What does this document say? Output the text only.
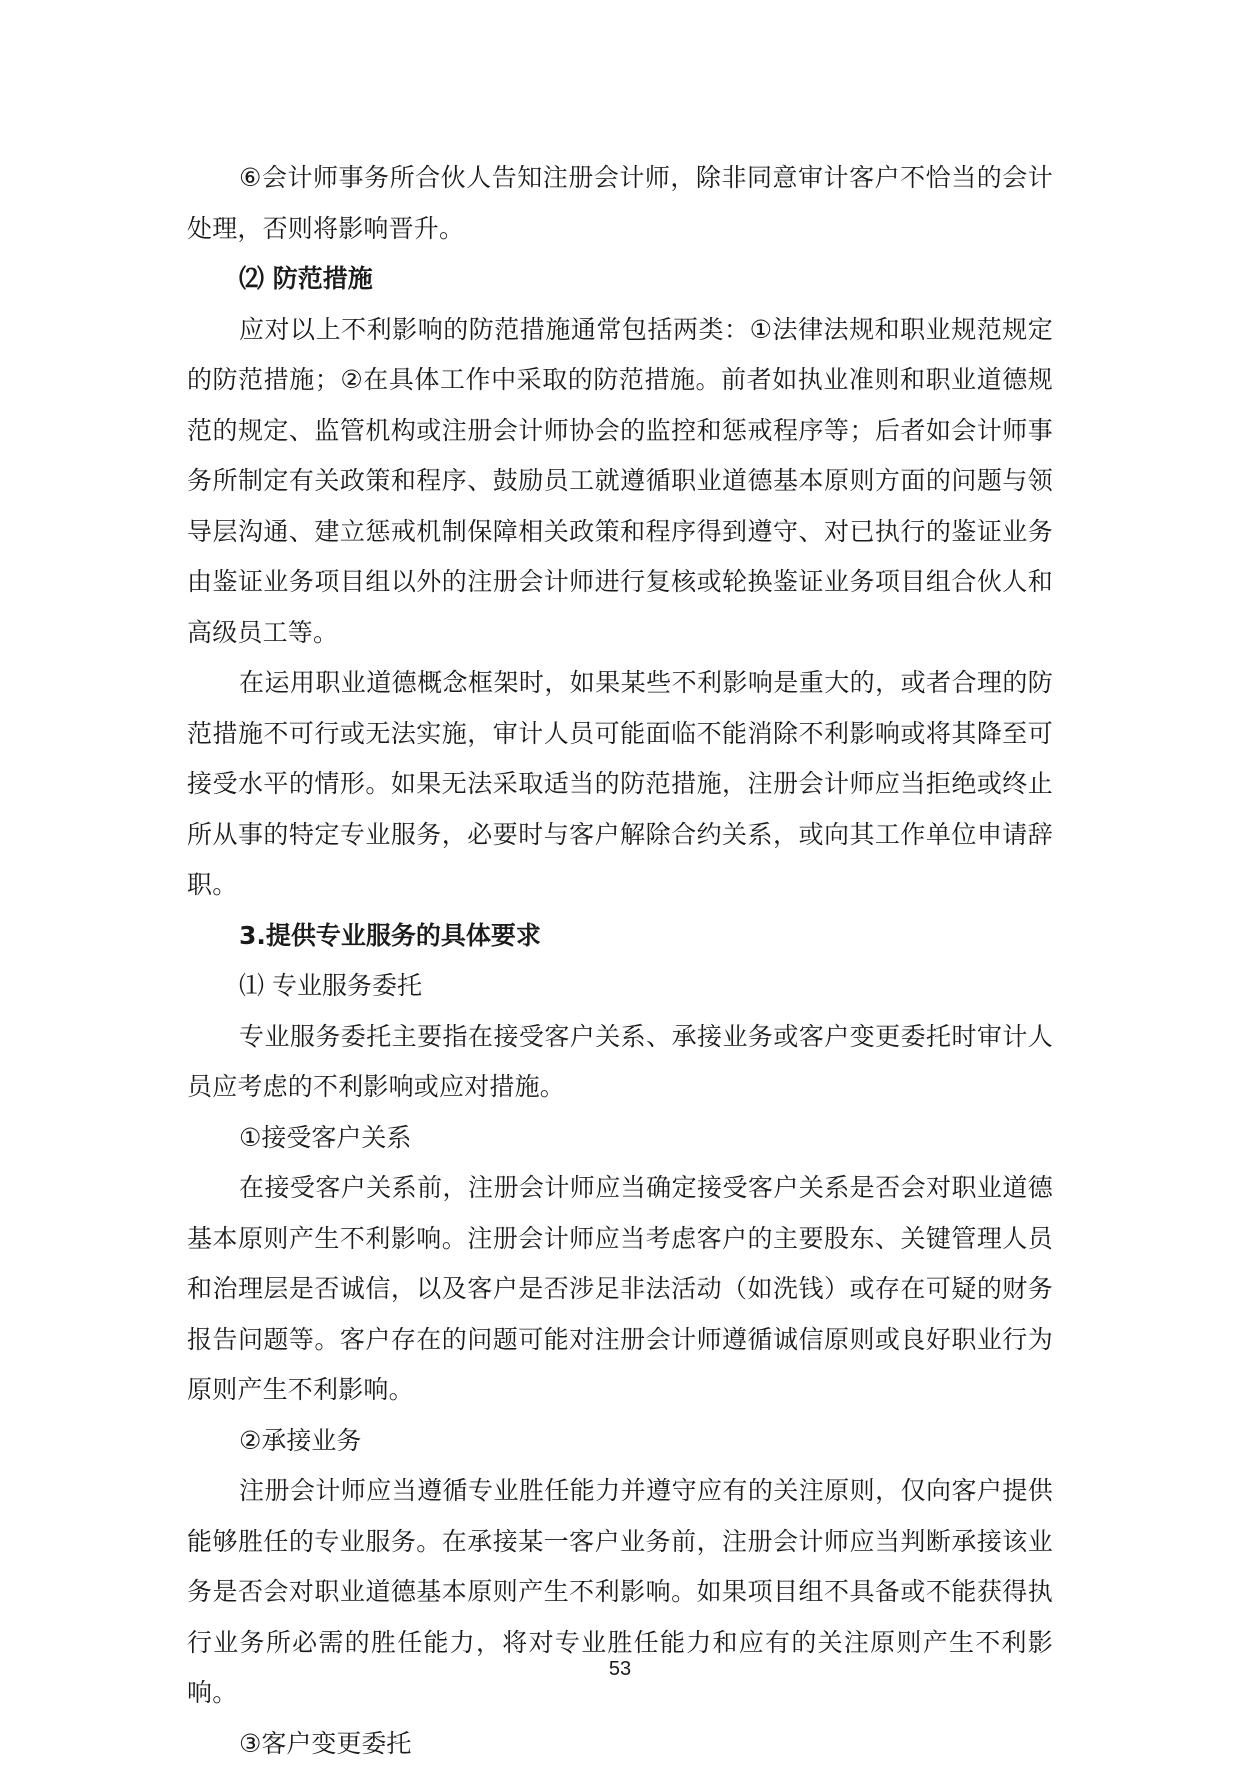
⑥会计师事务所合伙人告知注册会计师，除非同意审计客户不恰当的会计处理，否则将影响晋升。

⑵ 防范措施

应对以上不利影响的防范措施通常包括两类：①法律法规和职业规范规定的防范措施；②在具体工作中采取的防范措施。前者如执业准则和职业道德规范的规定、监管机构或注册会计师协会的监控和惩戒程序等；后者如会计师事务所制定有关政策和程序、鼓励员工就遵循职业道德基本原则方面的问题与领导层沟通、建立惩戒机制保障相关政策和程序得到遵守、对已执行的鉴证业务由鉴证业务项目组以外的注册会计师进行复核或轮换鉴证业务项目组合伙人和高级员工等。

在运用职业道德概念框架时，如果某些不利影响是重大的，或者合理的防范措施不可行或无法实施，审计人员可能面临不能消除不利影响或将其降至可接受水平的情形。如果无法采取适当的防范措施，注册会计师应当拒绝或终止所从事的特定专业服务，必要时与客户解除合约关系，或向其工作单位申请辞职。

3.提供专业服务的具体要求

⑴ 专业服务委托

专业服务委托主要指在接受客户关系、承接业务或客户变更委托时审计人员应考虑的不利影响或应对措施。

①接受客户关系

在接受客户关系前，注册会计师应当确定接受客户关系是否会对职业道德基本原则产生不利影响。注册会计师应当考虑客户的主要股东、关键管理人员和治理层是否诚信，以及客户是否涉足非法活动（如洗钱）或存在可疑的财务报告问题等。客户存在的问题可能对注册会计师遵循诚信原则或良好职业行为原则产生不利影响。

②承接业务

注册会计师应当遵循专业胜任能力并遵守应有的关注原则，仅向客户提供能够胜任的专业服务。在承接某一客户业务前，注册会计师应当判断承接该业务是否会对职业道德基本原则产生不利影响。如果项目组不具备或不能获得执行业务所必需的胜任能力，将对专业胜任能力和应有的关注原则产生不利影响。

③客户变更委托

53
